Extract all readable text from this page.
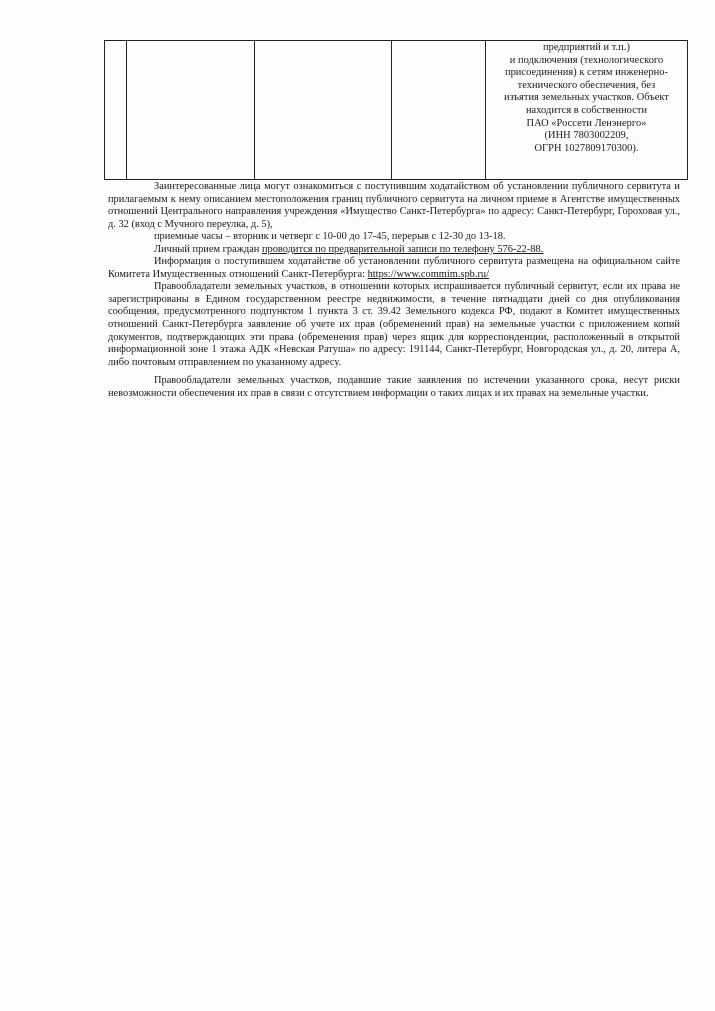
предприятий и т.п.)
и подключения (технологического
присоединения) к сетям инженерно-
технического обеспечения, без
изъятия земельных участков. Объект
находится в собственности
ПАО «Россети Ленэнерго»
(ИНН 7803002209,
ОГРН 1027809170300).

Заинтересованные лица могут ознакомиться с поступившим ходатайством об установлении публичного сервитута и прилагаемым к нему описанием местоположения границ публичного сервитута на личном приеме в Агентстве имущественных отношений Центрального направления учреждения «Имущество Санкт-Петербурга» по адресу: Санкт-Петербург, Гороховая ул., д. 32 (вход с Мучного переулка, д. 5),

приемные часы – вторник и четверг с 10-00 до 17-45, перерыв с 12-30 до 13-18.

Личный прием граждан проводится по предварительной записи по телефону 576-22-88.

Информация о поступившем ходатайстве об установлении публичного сервитута размещена на официальном сайте Комитета Имущественных отношений Санкт-Петербурга: https://www.commim.spb.ru/

Правообладатели земельных участков, в отношении которых испрашивается публичный сервитут, если их права не зарегистрированы в Едином государственном реестре недвижимости, в течение пятнадцати дней со дня опубликования сообщения, предусмотренного подпунктом 1 пункта 3 ст. 39.42 Земельного кодекса РФ, подают в Комитет имущественных отношений Санкт-Петербурга заявление об учете их прав (обременений прав) на земельные участки с приложением копий документов, подтверждающих эти права (обременения прав) через ящик для корреспонденции, расположенный в открытой информационной зоне 1 этажа АДК «Невская Ратуша» по адресу: 191144, Санкт-Петербург, Новгородская ул., д. 20, литера А, либо почтовым отправлением по указанному адресу.

Правообладатели земельных участков, подавшие такие заявления по истечении указанного срока, несут риски невозможности обеспечения их прав в связи с отсутствием информации о таких лицах и их правах на земельные участки.
